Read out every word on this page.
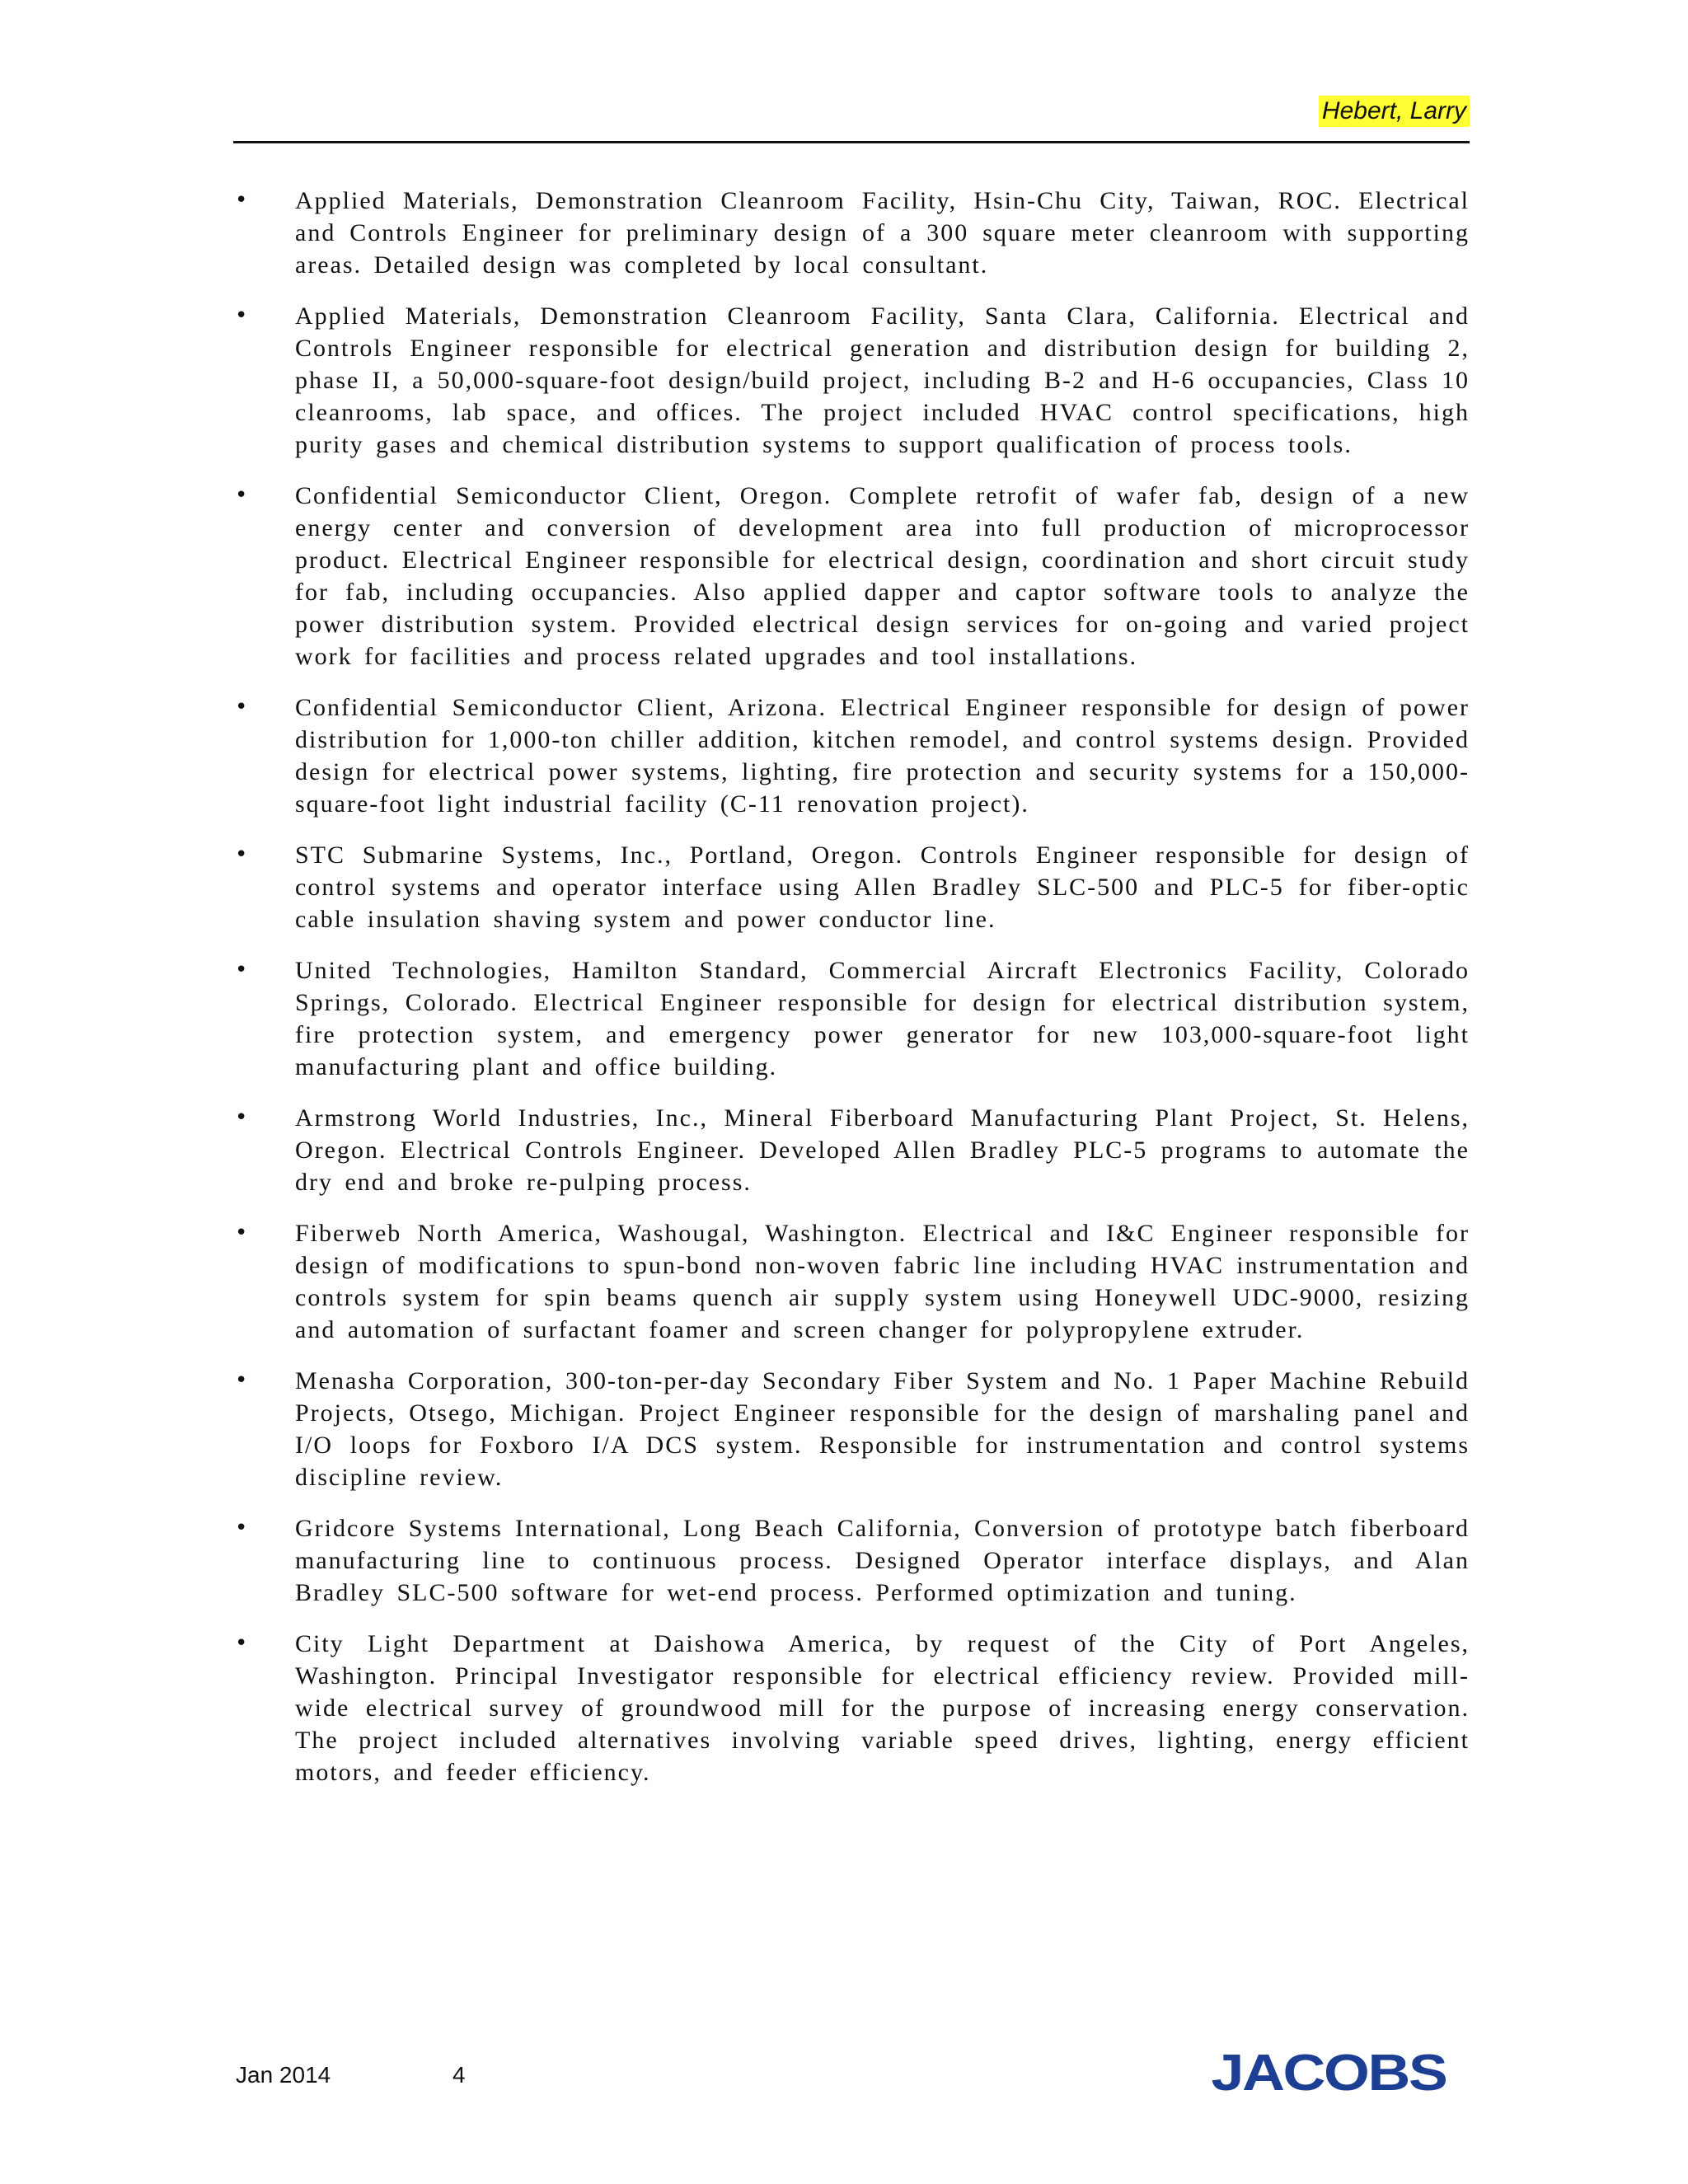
Hebert, Larry
• Applied Materials, Demonstration Cleanroom Facility, Hsin-Chu City, Taiwan, ROC. Electrical and Controls Engineer for preliminary design of a 300 square meter cleanroom with supporting areas. Detailed design was completed by local consultant.
• Applied Materials, Demonstration Cleanroom Facility, Santa Clara, California. Electrical and Controls Engineer responsible for electrical generation and distribution design for building 2, phase II, a 50,000-square-foot design/build project, including B-2 and H-6 occupancies, Class 10 cleanrooms, lab space, and offices. The project included HVAC control specifications, high purity gases and chemical distribution systems to support qualification of process tools.
• Confidential Semiconductor Client, Oregon. Complete retrofit of wafer fab, design of a new energy center and conversion of development area into full production of microprocessor product. Electrical Engineer responsible for electrical design, coordination and short circuit study for fab, including occupancies. Also applied dapper and captor software tools to analyze the power distribution system. Provided electrical design services for on-going and varied project work for facilities and process related upgrades and tool installations.
• Confidential Semiconductor Client, Arizona. Electrical Engineer responsible for design of power distribution for 1,000-ton chiller addition, kitchen remodel, and control systems design. Provided design for electrical power systems, lighting, fire protection and security systems for a 150,000-square-foot light industrial facility (C-11 renovation project).
• STC Submarine Systems, Inc., Portland, Oregon. Controls Engineer responsible for design of control systems and operator interface using Allen Bradley SLC-500 and PLC-5 for fiber-optic cable insulation shaving system and power conductor line.
• United Technologies, Hamilton Standard, Commercial Aircraft Electronics Facility, Colorado Springs, Colorado. Electrical Engineer responsible for design for electrical distribution system, fire protection system, and emergency power generator for new 103,000-square-foot light manufacturing plant and office building.
• Armstrong World Industries, Inc., Mineral Fiberboard Manufacturing Plant Project, St. Helens, Oregon. Electrical Controls Engineer. Developed Allen Bradley PLC-5 programs to automate the dry end and broke re-pulping process.
• Fiberweb North America, Washougal, Washington. Electrical and I&C Engineer responsible for design of modifications to spun-bond non-woven fabric line including HVAC instrumentation and controls system for spin beams quench air supply system using Honeywell UDC-9000, resizing and automation of surfactant foamer and screen changer for polypropylene extruder.
• Menasha Corporation, 300-ton-per-day Secondary Fiber System and No. 1 Paper Machine Rebuild Projects, Otsego, Michigan. Project Engineer responsible for the design of marshaling panel and I/O loops for Foxboro I/A DCS system. Responsible for instrumentation and control systems discipline review.
• Gridcore Systems International, Long Beach California, Conversion of prototype batch fiberboard manufacturing line to continuous process. Designed Operator interface displays, and Alan Bradley SLC-500 software for wet-end process. Performed optimization and tuning.
• City Light Department at Daishowa America, by request of the City of Port Angeles, Washington. Principal Investigator responsible for electrical efficiency review. Provided mill-wide electrical survey of groundwood mill for the purpose of increasing energy conservation. The project included alternatives involving variable speed drives, lighting, energy efficient motors, and feeder efficiency.
Jan 2014	4	JACOBS
